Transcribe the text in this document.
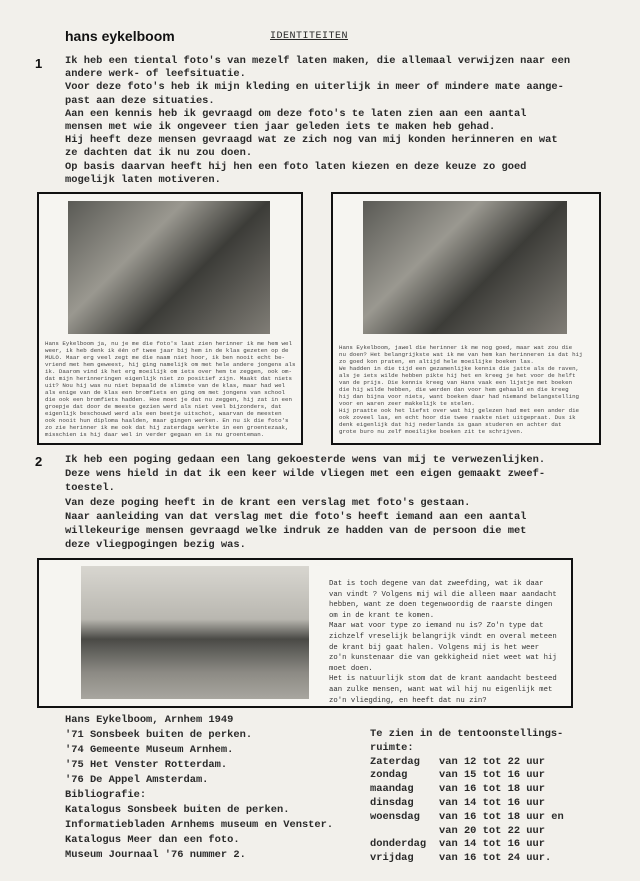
hans eykelboom	IDENTITEITEN
1 Ik heb een tiental foto's van mezelf laten maken, die allemaal verwijzen naar een
andere werk- of leefsituatie.
Voor deze foto's heb ik mijn kleding en uiterlijk in meer of mindere mate aange-
past aan deze situaties.
Aan een kennis heb ik gevraagd om deze foto's te laten zien aan een aantal
mensen met wie ik ongeveer tien jaar geleden iets te maken heb gehad.
Hij heeft deze mensen gevraagd wat ze zich nog van mij konden herinneren en wat
ze dachten dat ik nu zou doen.
Op basis daarvan heeft hij hen een foto laten kiezen en deze keuze zo goed
mogelijk laten motiveren.
Hans Eykelboom ja, nu je me die foto's laat zien herinner ik me hem wel
weer, ik heb denk ik één of twee jaar bij hem in de klas gezeten op de
MULO. Maar erg veel zegt me die naam niet hoor, ik ben nooit echt be-
vriend met hem geweest, hij ging namelijk om met hele andere jongens als
ik. Daarom vind ik het erg moeilijk om iets over hem te zeggen, ook om-
dat mijn herinneringen eigenlijk niet zo positief zijn. Maakt dat niets
uit? Nou hij was nu niet bepaald de slimste van de klas, maar had wel
als enige van de klas een bromfiets en ging om met jongens van school
die ook een bromfiets hadden. Hoe moet je dat nu zeggen, hij zat in een
groepje dat door de meeste gezien werd als niet veel bijzonders, dat
eigenlijk beschouwd werd als een beetje uitschot, waarvan de meesten
ook nooit hun diploma haalden, maar gingen werken. En nu ik die foto's
zo zie herinner ik me ook dat hij zaterdags werkte in een groentezaak,
misschien is hij daar wel in verder gegaan en is nu groenteman.
Hans Eykelboom, jawel die herinner ik me nog goed, maar wat zou die
nu doen? Het belangrijkste wat ik me van hem kan herinneren is dat hij
zo goed kon praten, en altijd hele moeilijke boeken las.
We hadden in die tijd een gezamenlijke kennis die jatte als de raven,
als je iets wilde hebben pikte hij het en kreeg je het voor de helft
van de prijs. Die kennis kreeg van Hans vaak een lijstje met boeken
die hij wilde hebben, die werden dan voor hem gehaald en die kreeg
hij dan bijna voor niets, want boeken daar had niemand belangstelling
voor en waren zeer makkelijk te stelen.
Hij praatte ook het liefst over wat hij gelezen had met een ander die
ook zoveel las, en echt hoor die twee raakte niet uitgepraat. Dus ik
denk eigenlijk dat hij nederlands is gaan studeren en achter dat
grote buro nu zelf moeilijke boeken zit te schrijven.
2 Ik heb een poging gedaan een lang gekoesterde wens van mij te verwezenlijken.
Deze wens hield in dat ik een keer wilde vliegen met een eigen gemaakt zweef-
toestel.
Van deze poging heeft in de krant een verslag met foto's gestaan.
Naar aanleiding van dat verslag met die foto's heeft iemand aan een aantal
willekeurige mensen gevraagd welke indruk ze hadden van de persoon die met
deze vliegpogingen bezig was.
Dat is toch degene van dat zweefding, wat ik daar
van vindt ? Volgens mij wil die alleen maar aandacht
hebben, want ze doen tegenwoordig de raarste dingen
om in de krant te komen.
Maar wat voor type zo iemand nu is? Zo'n type dat
zichzelf vreselijk belangrijk vindt en overal meteen
de krant bij gaat halen. Volgens mij is het weer
zo'n kunstenaar die van gekkigheid niet weet wat hij
moet doen.
Het is natuurlijk stom dat de krant aandacht besteed
aan zulke mensen, want wat wil hij nu eigenlijk met
zo'n vliegding, en heeft dat nu zin?
Hans Eykelboom, Arnhem 1949
'71 Sonsbeek buiten de perken.
'74 Gemeente Museum Arnhem.
'75 Het Venster Rotterdam.
'76 De Appel Amsterdam.
Bibliografie:
Katalogus Sonsbeek buiten de perken.
Informatiebladen Arnhems museum en Venster.
Katalogus Meer dan een foto.
Museum Journaal '76 nummer 2.
Te zien in de tentoonstellings-
ruimte:
Zaterdag van 12 tot 22 uur
zondag	van 15 tot 16 uur
maandag van 16 tot 18 uur
dinsdag van 14 tot 16 uur
woensdag van 16 tot 18 uur en
van 20 tot 22 uur
donderdag van 14 tot 16 uur
vrijdag van 16 tot 24 uur.
